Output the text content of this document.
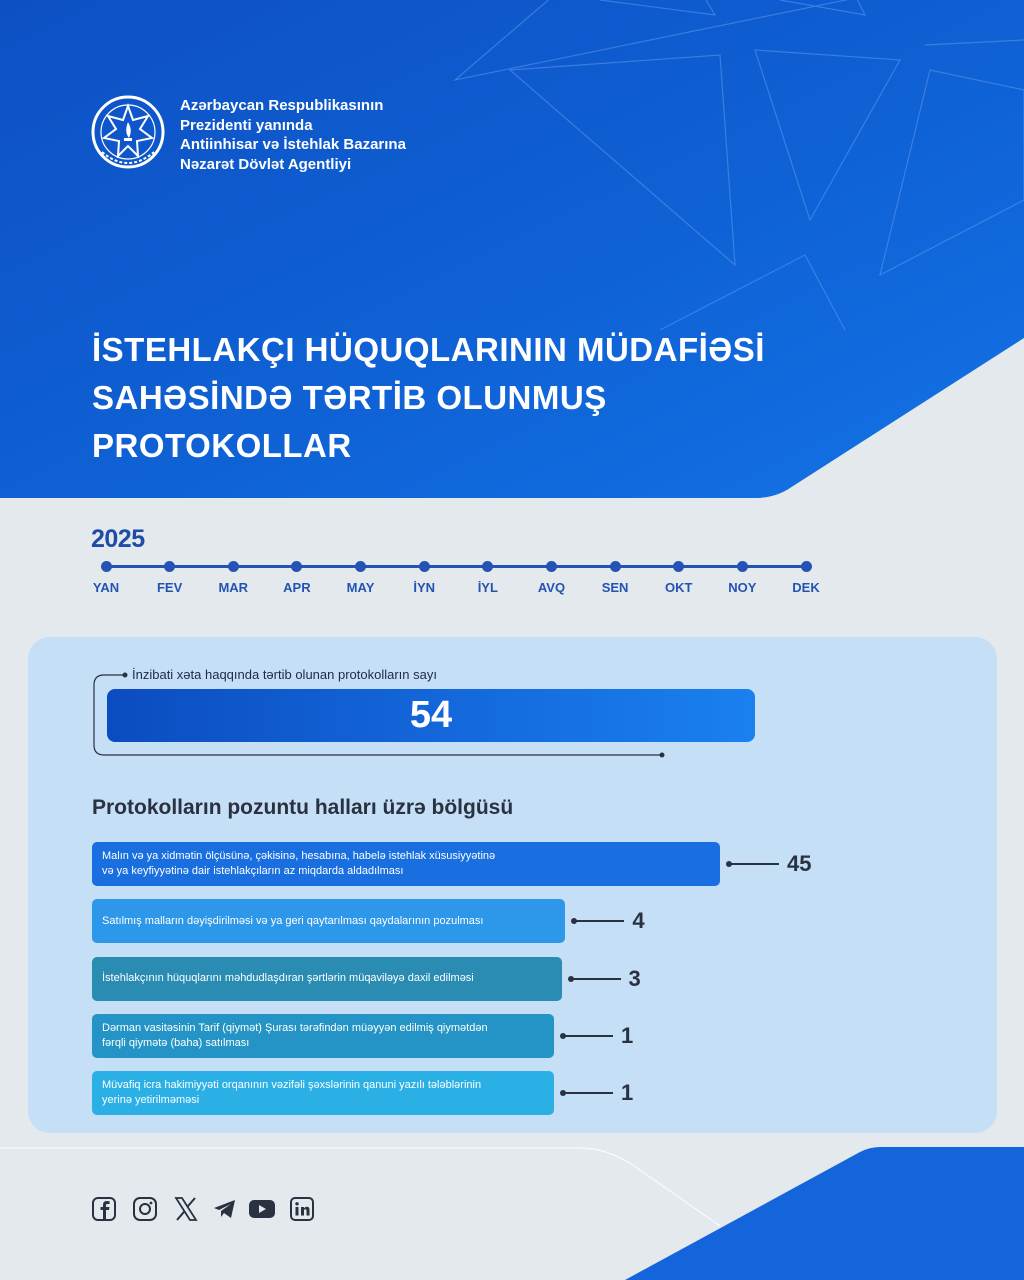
Azərbaycan Respublikasının
Prezidenti yanında
Antiinhisar və İstehlak Bazarına
Nəzarət Dövlət Agentliyi
İSTEHLAKÇI HÜQUQLARININ MÜDAFİƏSİ
SAHƏSİNDƏ TƏRTİB OLUNMUŞ
PROTOKOLLAR
2025
YAN	FEV	MAR	APR	MAY	İYN	İYL	AVQ	SEN	OKT	NOY	DEK
İnzibati xəta haqqında tərtib olunan protokolların sayı
54
Protokolların pozuntu halları üzrə bölgüsü
Malın və ya xidmətin ölçüsünə, çəkisinə, hesabına, habelə istehlak xüsusiyyətinə
və ya keyfiyyətinə dair istehlakçıların az miqdarda aldadılması	45
Satılmış malların dəyişdirilməsi və ya geri qaytarılması qaydalarının pozulması	4
İstehlakçının hüquqlarını məhdudlaşdıran şərtlərin müqaviləyə daxil edilməsi	3
Dərman vasitəsinin Tarif (qiymət) Şurası tərəfindən müəyyən edilmiş qiymətdən
fərqli qiymətə (baha) satılması	1
Müvafiq icra hakimiyyəti orqanının vəzifəli şəxslərinin qanuni yazılı tələblərinin
yerinə yetirilməməsi	1
